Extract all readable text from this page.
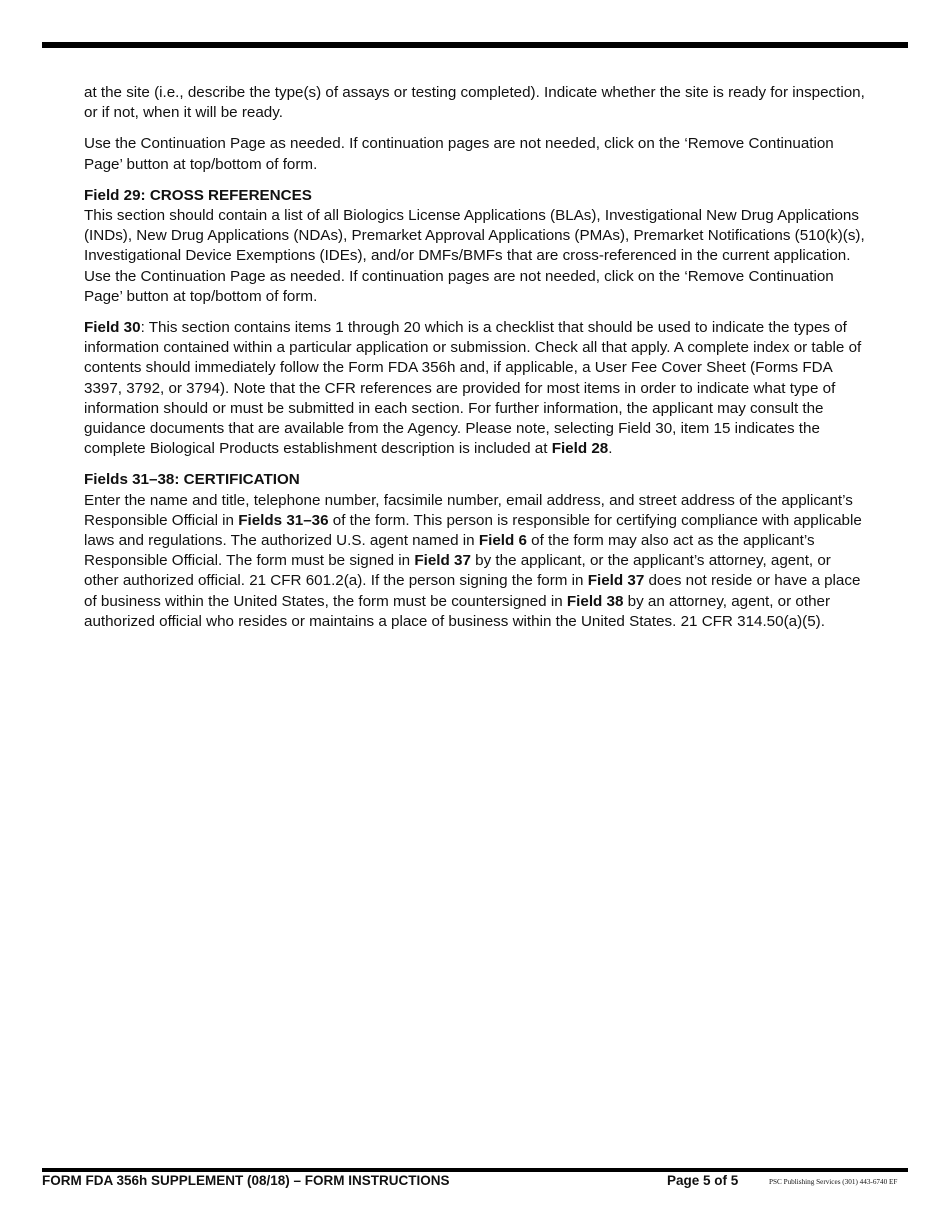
at the site (i.e., describe the type(s) of assays or testing completed). Indicate whether the site is ready for inspection, or if not, when it will be ready.

Use the Continuation Page as needed. If continuation pages are not needed, click on the ‘Remove Continuation Page’ button at top/bottom of form.

Field 29: CROSS REFERENCES

This section should contain a list of all Biologics License Applications (BLAs), Investigational New Drug Applications (INDs), New Drug Applications (NDAs), Premarket Approval Applications (PMAs), Premarket Notifications (510(k)(s), Investigational Device Exemptions (IDEs), and/or DMFs/BMFs that are cross-referenced in the current application. Use the Continuation Page as needed. If continuation pages are not needed, click on the ‘Remove Continuation Page’ button at top/bottom of form.

Field 30: This section contains items 1 through 20 which is a checklist that should be used to indicate the types of information contained within a particular application or submission. Check all that apply. A complete index or table of contents should immediately follow the Form FDA 356h and, if applicable, a User Fee Cover Sheet (Forms FDA 3397, 3792, or 3794). Note that the CFR references are provided for most items in order to indicate what type of information should or must be submitted in each section. For further information, the applicant may consult the guidance documents that are available from the Agency. Please note, selecting Field 30, item 15 indicates the complete Biological Products establishment description is included at Field 28.

Fields 31–38: CERTIFICATION

Enter the name and title, telephone number, facsimile number, email address, and street address of the applicant’s Responsible Official in Fields 31–36 of the form. This person is responsible for certifying compliance with applicable laws and regulations. The authorized U.S. agent named in Field 6 of the form may also act as the applicant’s Responsible Official. The form must be signed in Field 37 by the applicant, or the applicant’s attorney, agent, or other authorized official. 21 CFR 601.2(a). If the person signing the form in Field 37 does not reside or have a place of business within the United States, the form must be countersigned in Field 38 by an attorney, agent, or other authorized official who resides or maintains a place of business within the United States. 21 CFR 314.50(a)(5).

FORM FDA 356h SUPPLEMENT (08/18) – FORM INSTRUCTIONS	Page 5 of 5	PSC Publishing Services (301) 443-6740 EF
